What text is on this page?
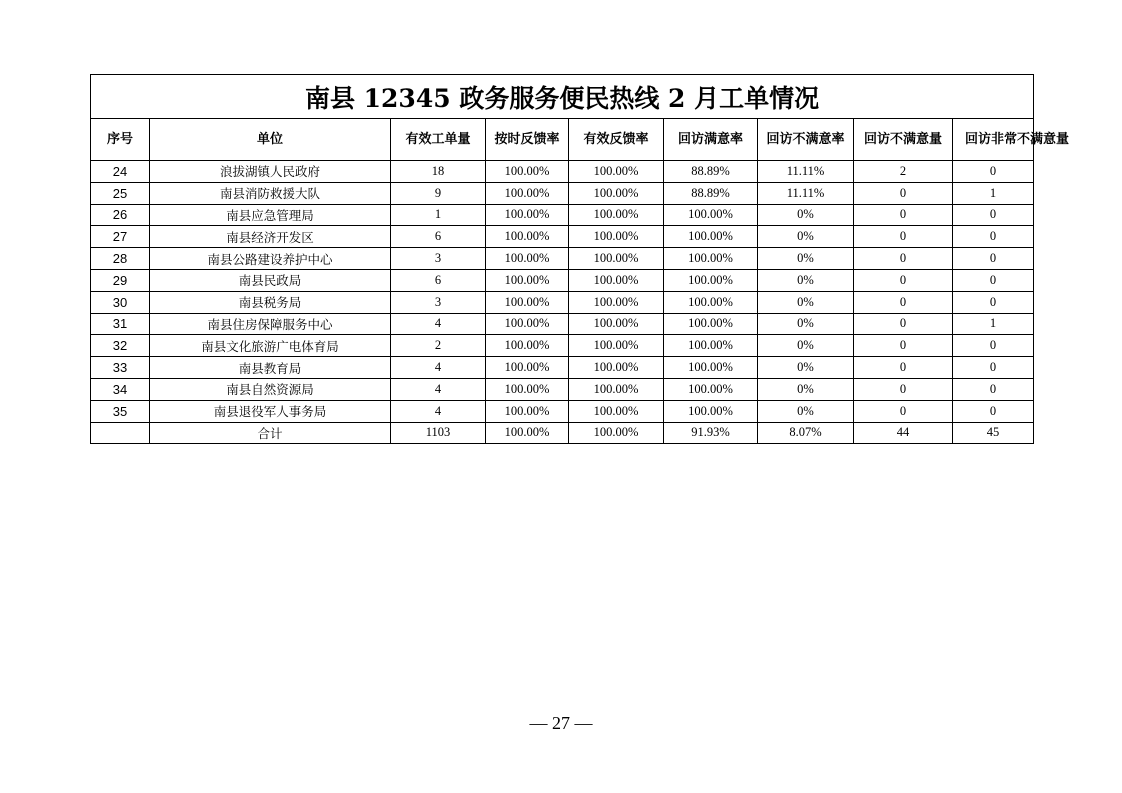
南县 12345 政务服务便民热线 2 月工单情况								
序号	单位	有效工单量	按时反馈率	有效反馈率	回访满意率	回访不满意率	回访不满意量	回访非常不满意量
24	浪拔湖镇人民政府	18	100.00%	100.00%	88.89%	11.11%	2	0
25	南县消防救援大队	9	100.00%	100.00%	88.89%	11.11%	0	1
26	南县应急管理局	1	100.00%	100.00%	100.00%	0%	0	0
27	南县经济开发区	6	100.00%	100.00%	100.00%	0%	0	0
28	南县公路建设养护中心	3	100.00%	100.00%	100.00%	0%	0	0
29	南县民政局	6	100.00%	100.00%	100.00%	0%	0	0
30	南县税务局	3	100.00%	100.00%	100.00%	0%	0	0
31	南县住房保障服务中心	4	100.00%	100.00%	100.00%	0%	0	1
32	南县文化旅游广电体育局	2	100.00%	100.00%	100.00%	0%	0	0
33	南县教育局	4	100.00%	100.00%	100.00%	0%	0	0
34	南县自然资源局	4	100.00%	100.00%	100.00%	0%	0	0
35	南县退役军人事务局	4	100.00%	100.00%	100.00%	0%	0	0
	合计	1103	100.00%	100.00%	91.93%	8.07%	44	45
— 27 —
